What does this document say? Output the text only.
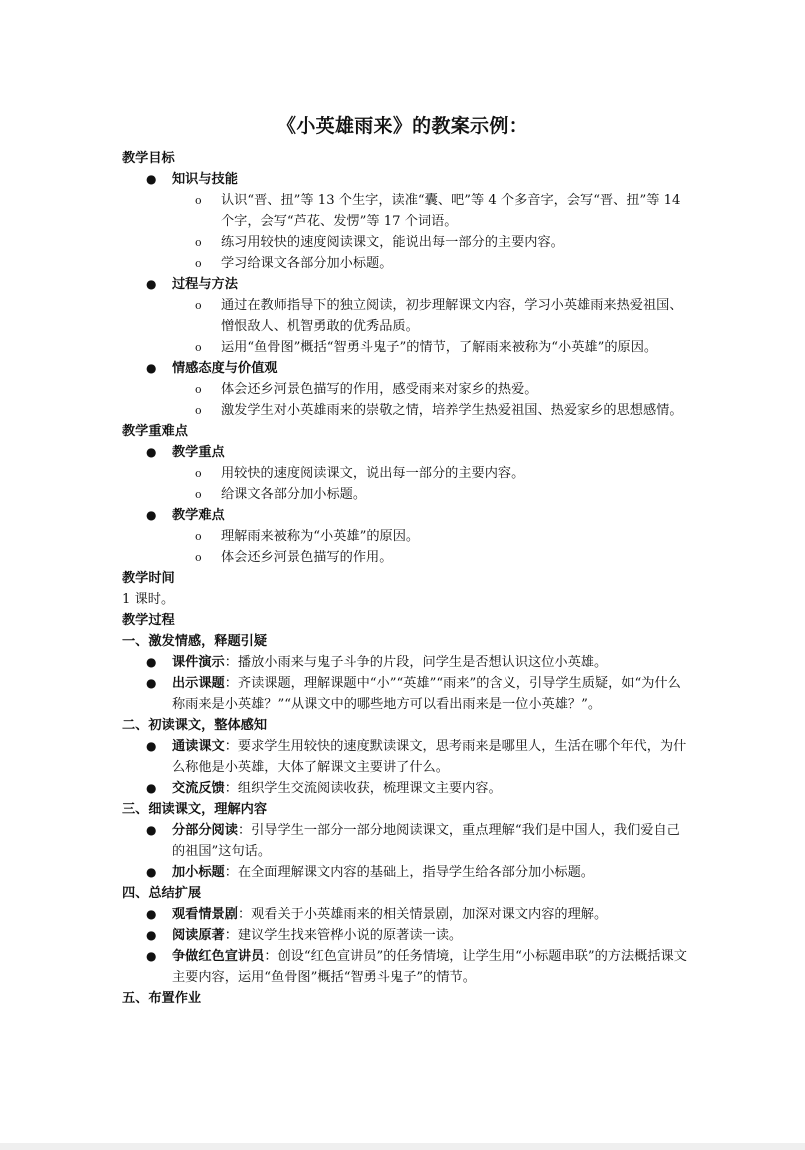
《小英雄雨来》的教案示例：

教学目标

● 知识与技能
o 认识“晋、扭”等 13 个生字，读准“囊、吧”等 4 个多音字，会写“晋、扭”等 14 个字，会写“芦花、发愣”等 17 个词语。
o 练习用较快的速度阅读课文，能说出每一部分的主要内容。
o 学习给课文各部分加小标题。
● 过程与方法
o 通过在教师指导下的独立阅读，初步理解课文内容，学习小英雄雨来热爱祖国、憎恨敌人、机智勇敢的优秀品质。
o 运用“鱼骨图”概括“智勇斗鬼子”的情节，了解雨来被称为“小英雄”的原因。
● 情感态度与价值观
o 体会还乡河景色描写的作用，感受雨来对家乡的热爱。
o 激发学生对小英雄雨来的崇敬之情，培养学生热爱祖国、热爱家乡的思想感情。

教学重难点

● 教学重点
o 用较快的速度阅读课文，说出每一部分的主要内容。
o 给课文各部分加小标题。
● 教学难点
o 理解雨来被称为“小英雄”的原因。
o 体会还乡河景色描写的作用。

教学时间

1 课时。

教学过程

一、激发情感，释题引疑

● 课件演示：播放小雨来与鬼子斗争的片段，问学生是否想认识这位小英雄。
● 出示课题：齐读课题，理解课题中“小”“英雄”“雨来”的含义，引导学生质疑，如“为什么称雨来是小英雄？”“从课文中的哪些地方可以看出雨来是一位小英雄？”。

二、初读课文，整体感知

● 通读课文：要求学生用较快的速度默读课文，思考雨来是哪里人，生活在哪个年代，为什么称他是小英雄，大体了解课文主要讲了什么。
● 交流反馈：组织学生交流阅读收获，梳理课文主要内容。

三、细读课文，理解内容

● 分部分阅读：引导学生一部分一部分地阅读课文，重点理解“我们是中国人，我们爱自己的祖国”这句话。
● 加小标题：在全面理解课文内容的基础上，指导学生给各部分加小标题。

四、总结扩展

● 观看情景剧：观看关于小英雄雨来的相关情景剧，加深对课文内容的理解。
● 阅读原著：建议学生找来管桦小说的原著读一读。
● 争做红色宣讲员：创设“红色宣讲员”的任务情境，让学生用“小标题串联”的方法概括课文主要内容，运用“鱼骨图”概括“智勇斗鬼子”的情节。

五、布置作业
